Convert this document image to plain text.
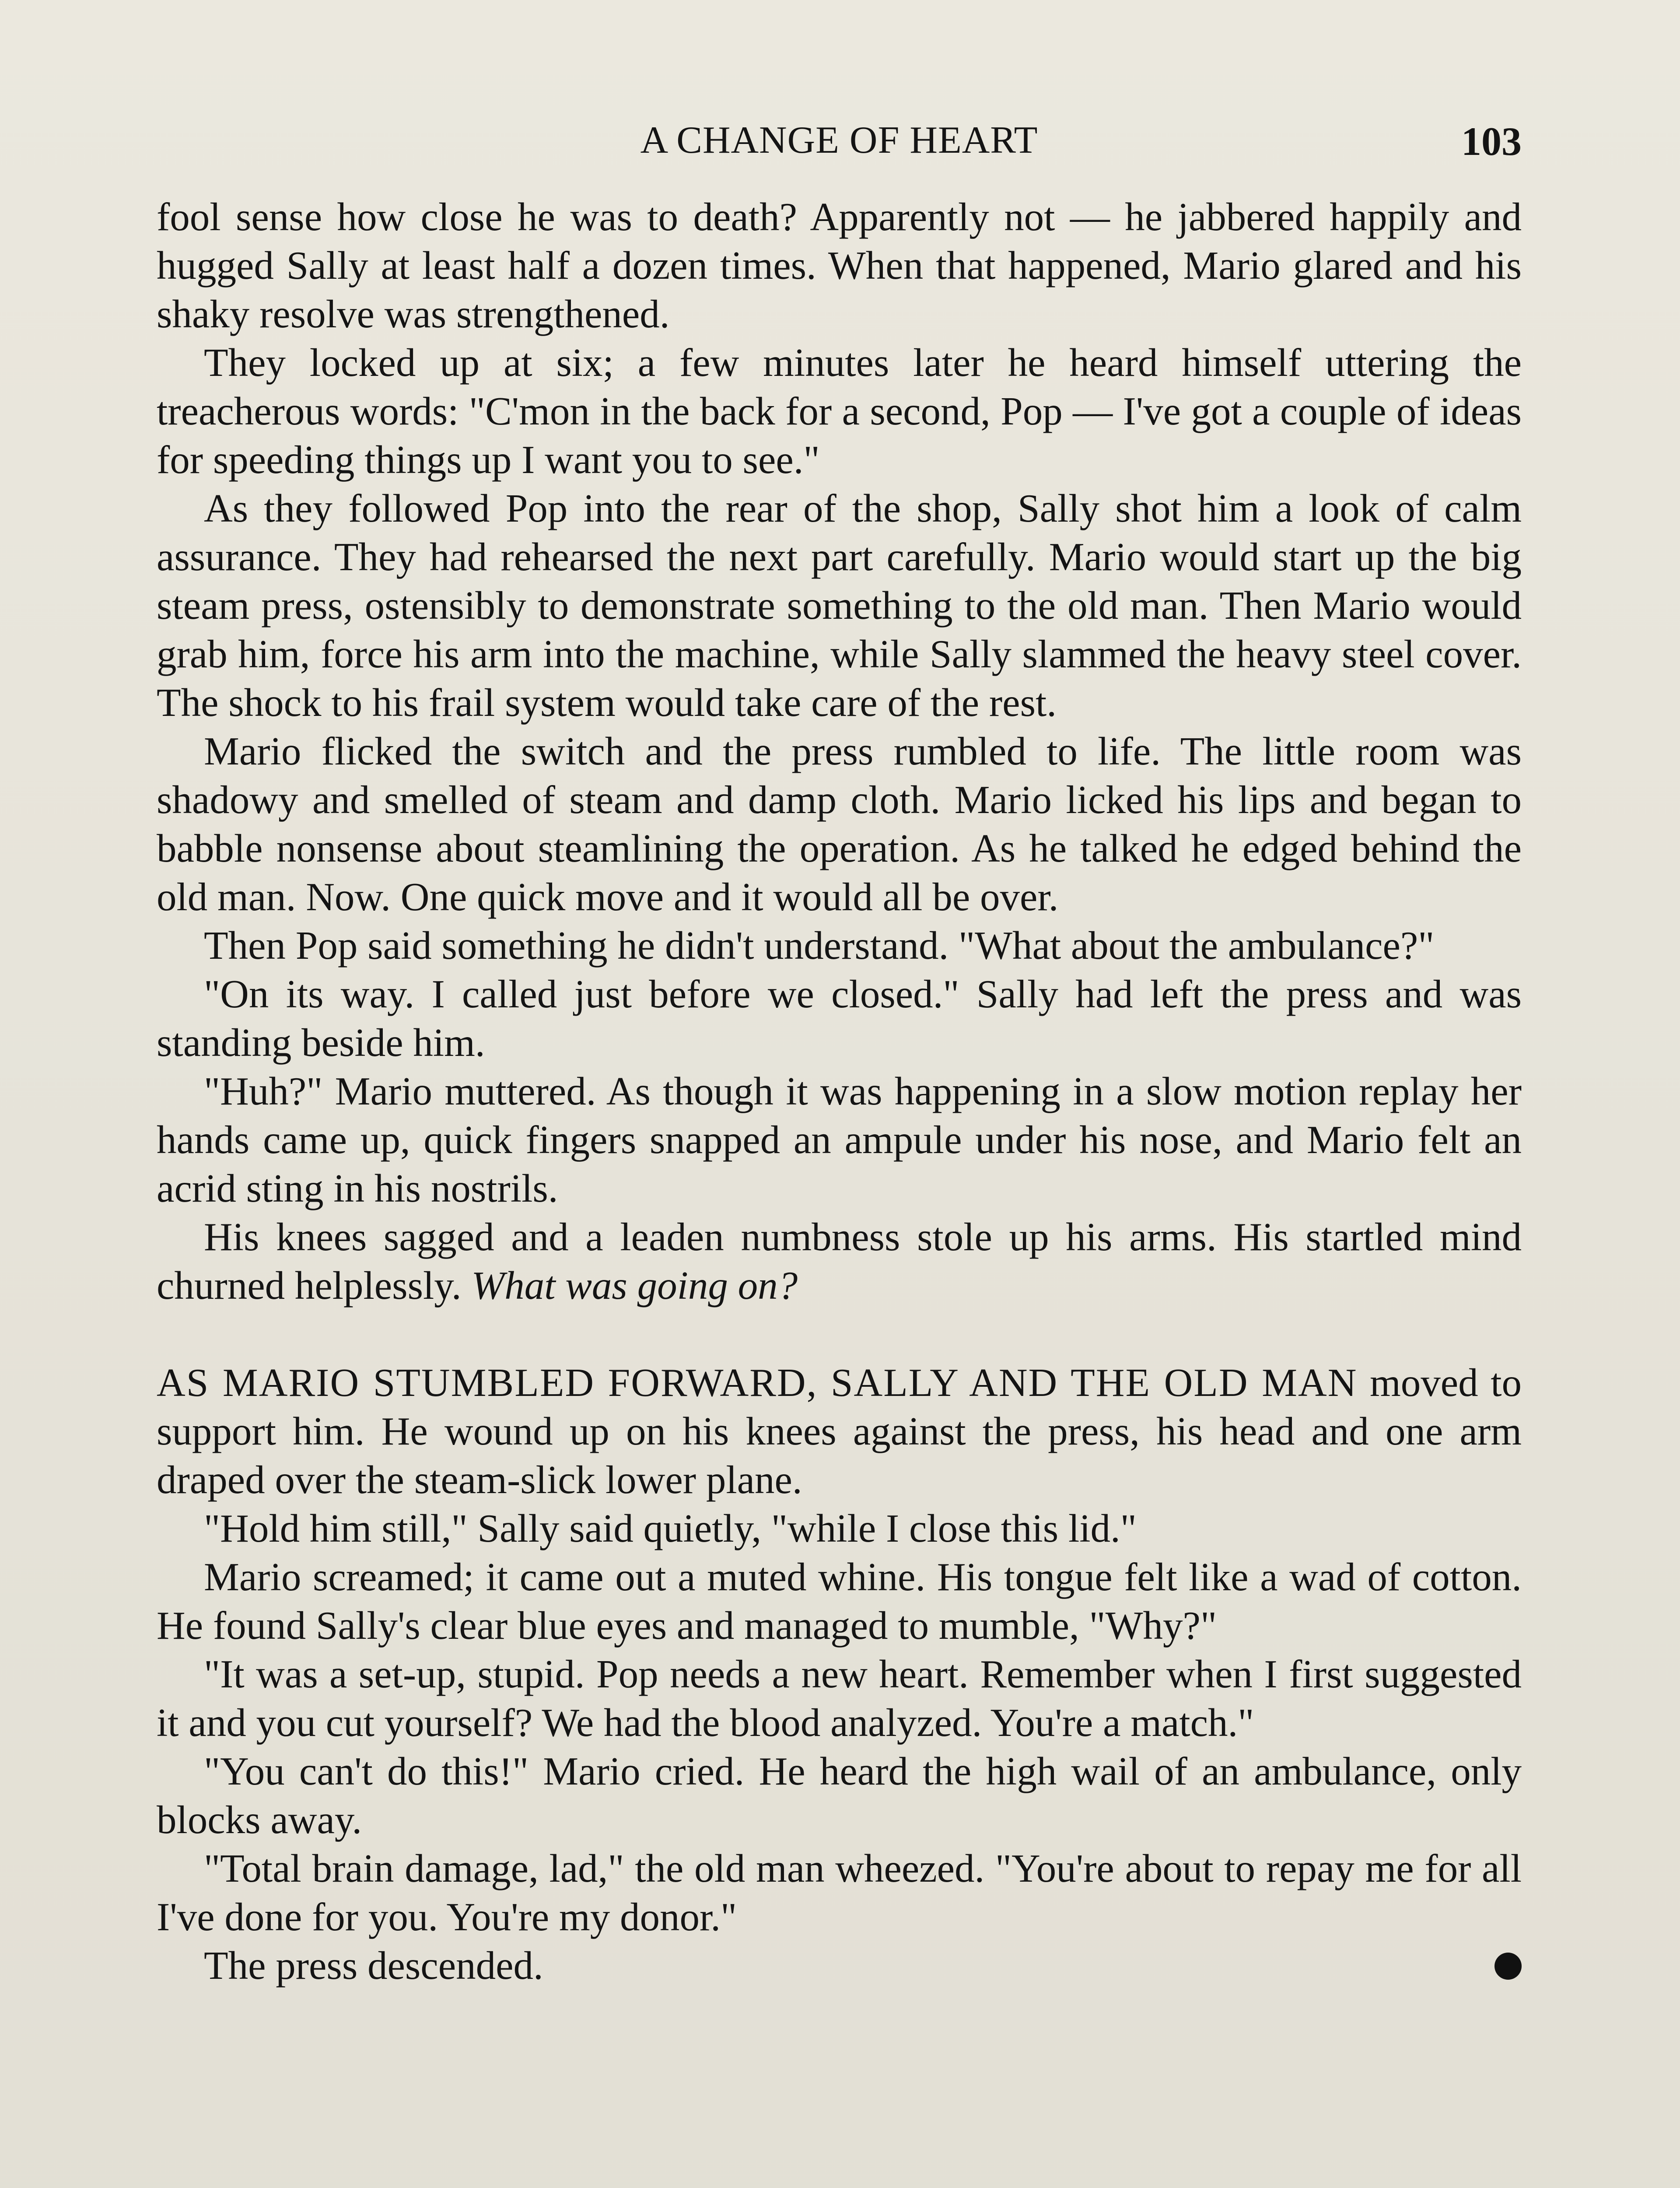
A CHANGE OF HEART	103

fool sense how close he was to death? Apparently not — he jabbered happily and hugged Sally at least half a dozen times. When that happened, Mario glared and his shaky resolve was strengthened.

They locked up at six; a few minutes later he heard himself uttering the treacherous words: "C'mon in the back for a second, Pop — I've got a couple of ideas for speeding things up I want you to see."

As they followed Pop into the rear of the shop, Sally shot him a look of calm assurance. They had rehearsed the next part carefully. Mario would start up the big steam press, ostensibly to demonstrate something to the old man. Then Mario would grab him, force his arm into the machine, while Sally slammed the heavy steel cover. The shock to his frail system would take care of the rest.

Mario flicked the switch and the press rumbled to life. The little room was shadowy and smelled of steam and damp cloth. Mario licked his lips and began to babble nonsense about steamlining the operation. As he talked he edged behind the old man. Now. One quick move and it would all be over.

Then Pop said something he didn't understand. "What about the ambulance?"

"On its way. I called just before we closed." Sally had left the press and was standing beside him.

"Huh?" Mario muttered. As though it was happening in a slow motion replay her hands came up, quick fingers snapped an ampule under his nose, and Mario felt an acrid sting in his nostrils.

His knees sagged and a leaden numbness stole up his arms. His startled mind churned helplessly. What was going on?

AS MARIO STUMBLED FORWARD, SALLY AND THE OLD MAN moved to support him. He wound up on his knees against the press, his head and one arm draped over the steam-slick lower plane.

"Hold him still," Sally said quietly, "while I close this lid."

Mario screamed; it came out a muted whine. His tongue felt like a wad of cotton. He found Sally's clear blue eyes and managed to mumble, "Why?"

"It was a set-up, stupid. Pop needs a new heart. Remember when I first suggested it and you cut yourself? We had the blood analyzed. You're a match."

"You can't do this!" Mario cried. He heard the high wail of an ambulance, only blocks away.

"Total brain damage, lad," the old man wheezed. "You're about to repay me for all I've done for you. You're my donor."

The press descended.
